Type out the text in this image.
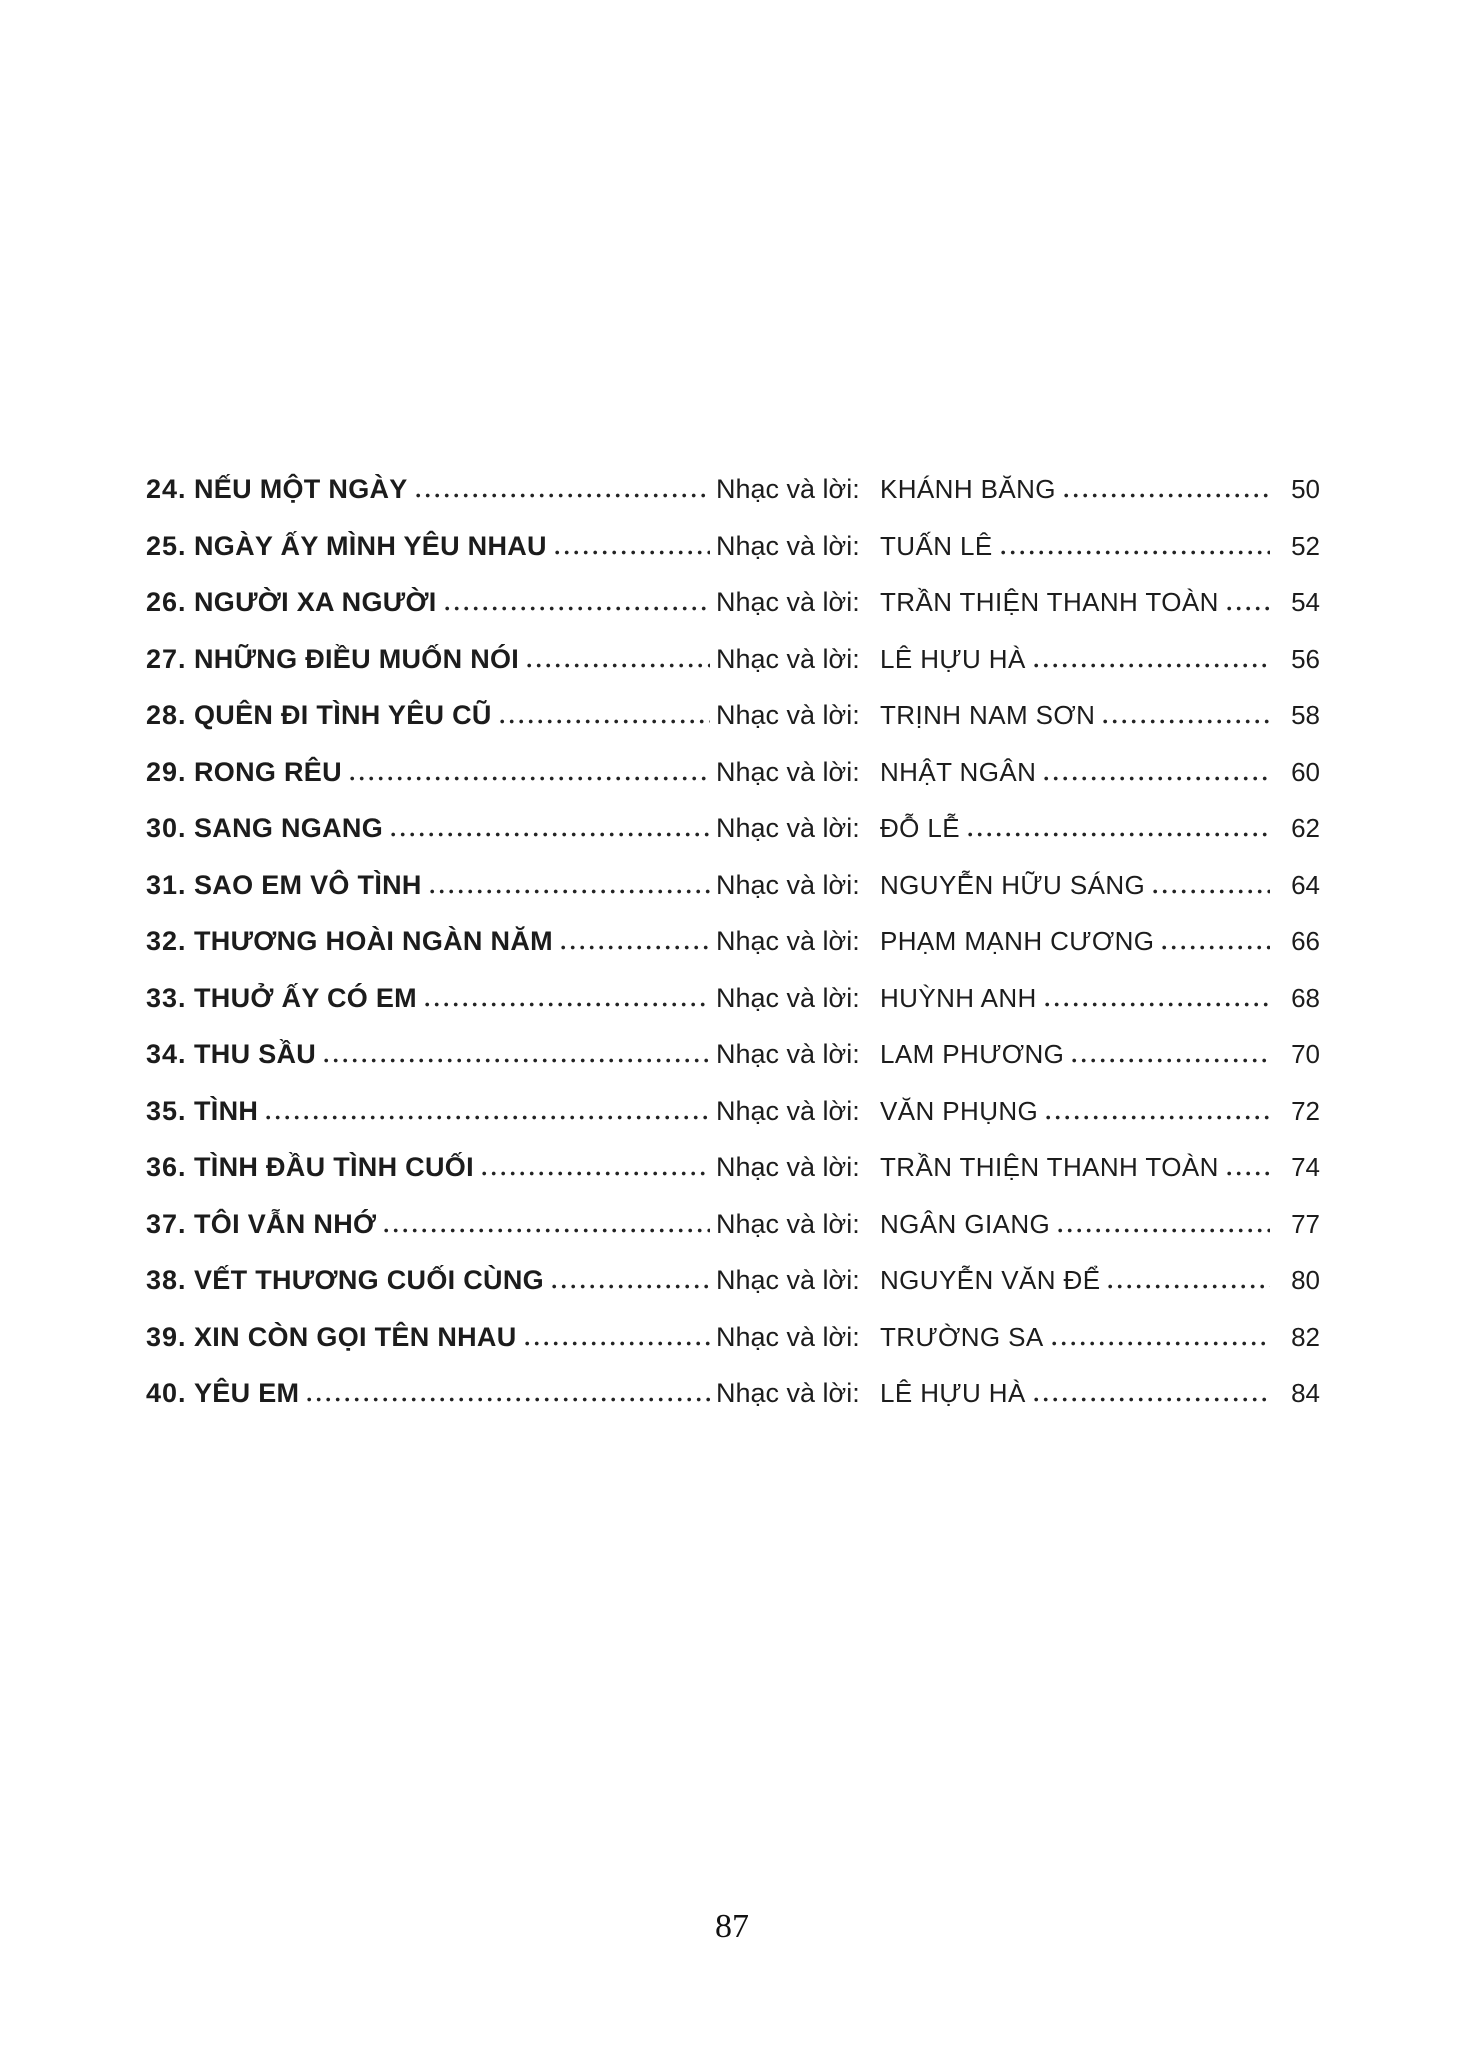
24. NẾU MỘT NGÀY	Nhạc và lời: KHÁNH BĂNG	50
25. NGÀY ẤY MÌNH YÊU NHAU	Nhạc và lời: TUẤN LÊ	52
26. NGƯỜI XA NGƯỜI	Nhạc và lời: TRẦN THIỆN THANH TOÀN	54
27. NHỮNG ĐIỀU MUỐN NÓI	Nhạc và lời: LÊ HỰU HÀ	56
28. QUÊN ĐI TÌNH YÊU CŨ	Nhạc và lời: TRỊNH NAM SƠN	58
29. RONG RÊU	Nhạc và lời: NHẬT NGÂN	60
30. SANG NGANG	Nhạc và lời: ĐỖ LỄ	62
31. SAO EM VÔ TÌNH	Nhạc và lời: NGUYỄN HỮU SÁNG	64
32. THƯƠNG HOÀI NGÀN NĂM	Nhạc và lời: PHẠM MẠNH CƯƠNG	66
33. THUỞ ẤY CÓ EM	Nhạc và lời: HUỲNH ANH	68
34. THU SẦU	Nhạc và lời: LAM PHƯƠNG	70
35. TÌNH	Nhạc và lời: VĂN PHỤNG	72
36. TÌNH ĐẦU TÌNH CUỐI	Nhạc và lời: TRẦN THIỆN THANH TOÀN	74
37. TÔI VẪN NHỚ	Nhạc và lời: NGÂN GIANG	77
38. VẾT THƯƠNG CUỐI CÙNG	Nhạc và lời: NGUYỄN VĂN ĐỂ	80
39. XIN CÒN GỌI TÊN NHAU	Nhạc và lời: TRƯỜNG SA	82
40. YÊU EM	Nhạc và lời: LÊ HỰU HÀ	84
87
